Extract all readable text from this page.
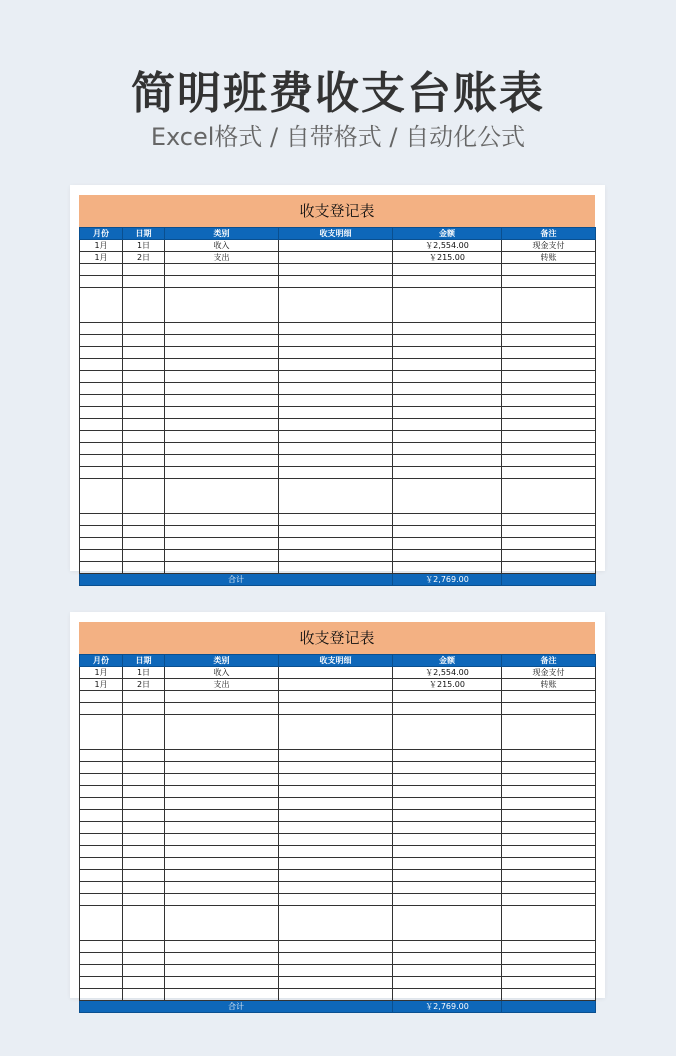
简明班费收支台账表
Excel格式 / 自带格式 / 自动化公式
收支登记表
月份	日期	类别	收支明细	金额	备注
1月	1日	收入		￥2,554.00	现金支付
1月	2日	支出		￥215.00	转账

合计				￥2,769.00	
收支登记表
月份	日期	类别	收支明细	金额	备注
1月	1日	收入		￥2,554.00	现金支付
1月	2日	支出		￥215.00	转账

合计				￥2,769.00	
